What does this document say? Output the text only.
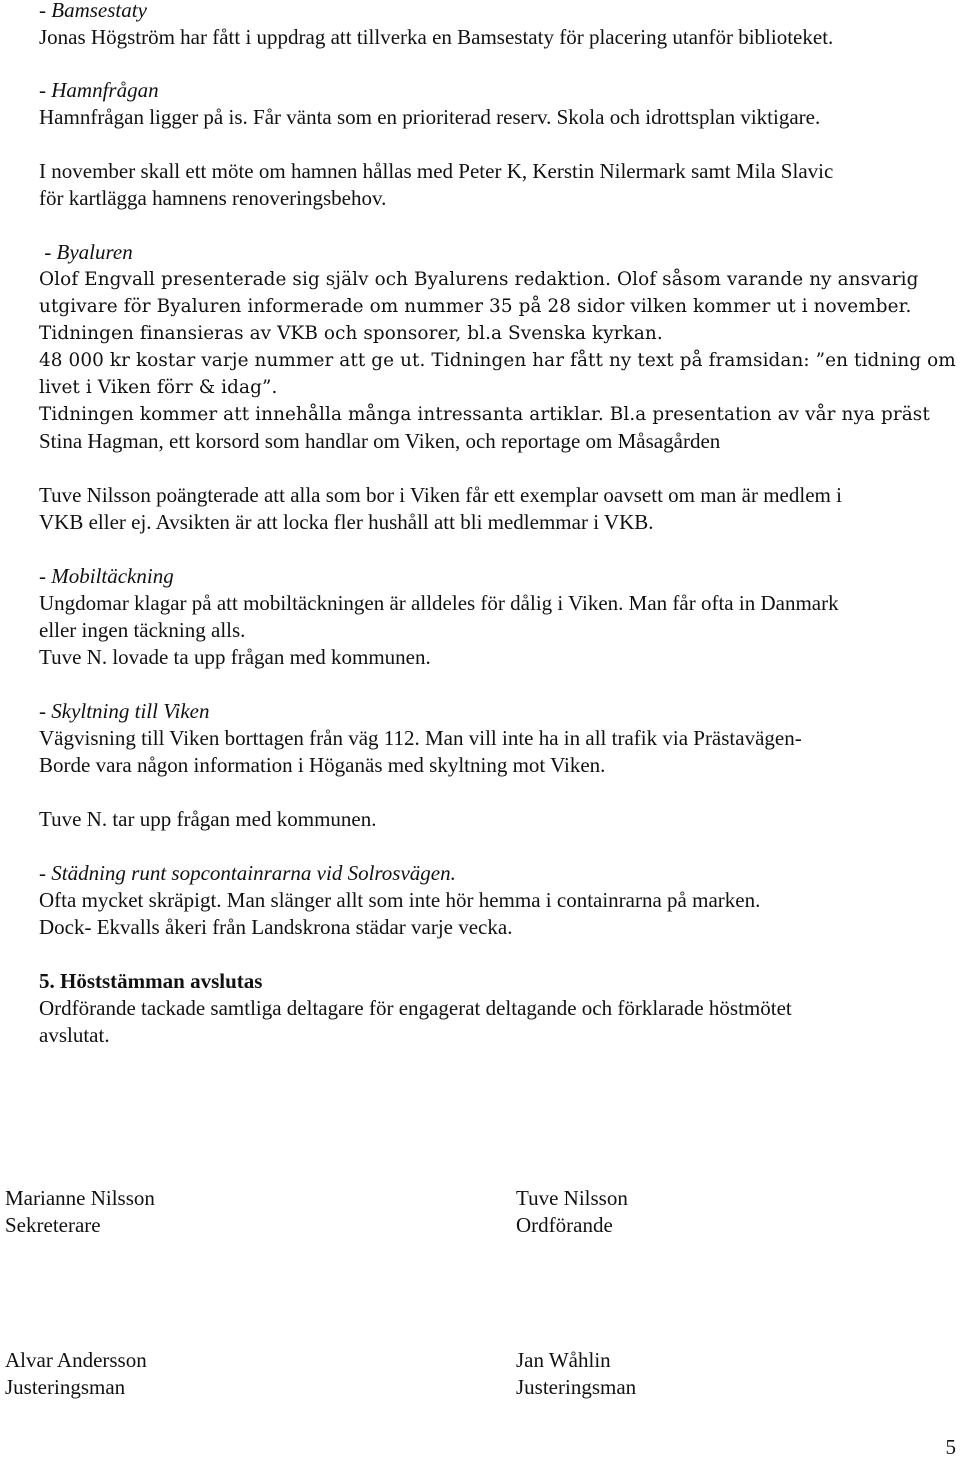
- Bamsestaty
Jonas Högström har fått i uppdrag att tillverka en Bamsestaty för placering utanför biblioteket.
- Hamnfrågan
Hamnfrågan ligger på is. Får vänta som en prioriterad reserv. Skola och idrottsplan viktigare.
I november skall ett möte om hamnen hållas med Peter K, Kerstin Nilermark samt Mila Slavic
för kartlägga hamnens renoveringsbehov.
- Byaluren
Olof Engvall presenterade sig själv och Byalurens redaktion. Olof såsom varande ny ansvarig
utgivare för Byaluren informerade om nummer 35 på 28 sidor vilken kommer ut i november.
Tidningen finansieras av VKB och sponsorer, bl.a Svenska kyrkan.
48 000 kr kostar varje nummer att ge ut. Tidningen har fått ny text på framsidan: ”en tidning om
livet i Viken förr & idag”.
Tidningen kommer att innehålla många intressanta artiklar. Bl.a presentation av vår nya präst
Stina Hagman, ett korsord som handlar om Viken, och reportage om Måsagården
Tuve Nilsson poängterade att alla som bor i Viken får ett exemplar oavsett om man är medlem i
VKB eller ej. Avsikten är att locka fler hushåll att bli medlemmar i VKB.
- Mobiltäckning
Ungdomar klagar på att mobiltäckningen är alldeles för dålig i Viken. Man får ofta in Danmark
eller ingen täckning alls.
Tuve N. lovade ta upp frågan med kommunen.
- Skyltning till Viken
Vägvisning till Viken borttagen från väg 112. Man vill inte ha in all trafik via Prästavägen-
Borde vara någon information i Höganäs med skyltning mot Viken.
Tuve N. tar upp frågan med kommunen.
- Städning runt sopcontainrarna vid Solrosvägen.
Ofta mycket skräpigt. Man slänger allt som inte hör hemma i containrarna på marken.
Dock- Ekvalls åkeri från Landskrona städar varje vecka.
5. Höststämman avslutas
Ordförande tackade samtliga deltagare för engagerat deltagande och förklarade höstmötet
avslutat.
Marianne Nilsson
Sekreterare
Tuve Nilsson
Ordförande
Alvar Andersson
Justeringsman
Jan Wåhlin
Justeringsman
5
